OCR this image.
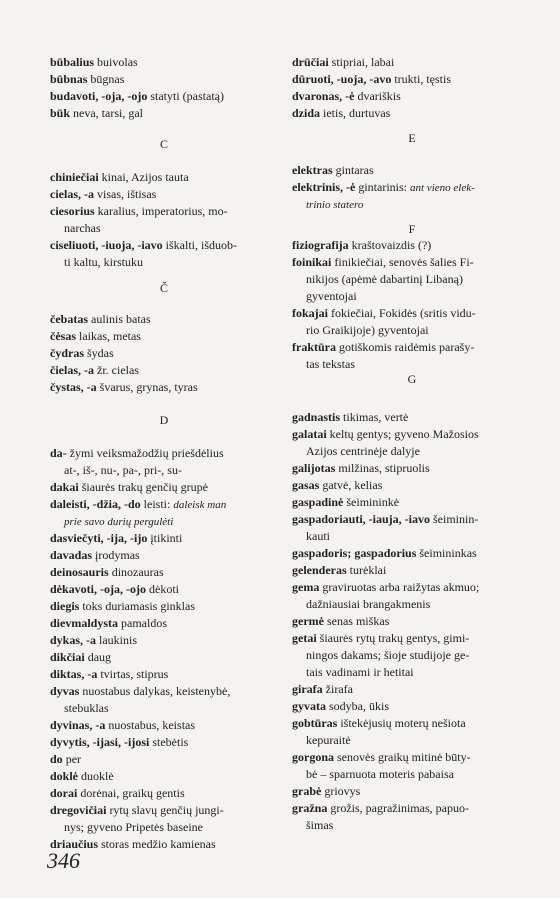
C
Č
D
būbalius buivolas
būbnas būgnas
budavoti, -oja, -ojo statyti (pastatą)
būk neva, tarsi, gal
chiniečiai kinai, Azijos tauta
cielas, -a visas, ištisas
ciesorius karalius, imperatorius, mo-
narchas
ciseliuoti, -iuoja, -iavo iškalti, išduob-
ti kaltu, kirstuku
čebatas aulinis batas
čėsas laikas, metas
čydras šydas
čielas, -a žr. cielas
čystas, -a švarus, grynas, tyras
da- žymi veiksmažodžių priešdėlius
at-, iš-, nu-, pa-, pri-, su-
dakai šiaurės trakų genčių grupė
daleisti, -džia, -do leisti: daleisk man
prie savo durių pergulėti
dasviečyti, -ija, -ijo įtikinti
davadas įrodymas
deinosauris dinozauras
dėkavoti, -oja, -ojo dėkoti
diegis toks duriamasis ginklas
dievmaldysta pamaldos
dykas, -a laukinis
dikčiai daug
diktas, -a tvirtas, stiprus
dyvas nuostabus dalykas, keistenybė,
stebuklas
dyvinas, -a nuostabus, keistas
dyvytis, -ijasi, -ijosi stebėtis
do per
doklė duoklė
dorai dorėnai, graikų gentis
dregovičiai rytų slavų genčių jungi-
nys; gyveno Pripetės baseine
driaučius storas medžio kamienas
E
F
G
drūčiai stipriai, labai
dūruoti, -uoja, -avo trukti, tęstis
dvaronas, -ė dvariškis
dzida ietis, durtuvas
elektras gintaras
elektrinis, -ė gintarinis: ant vieno elek-
trinio statero
fiziografija kraštovaizdis (?)
foinikai finikiečiai, senovės šalies Fi-
nikijos (apėmė dabartinį Libaną)
gyventojai
fokajai fokiečiai, Fokidės (sritis vidu-
rio Graikijoje) gyventojai
fraktūra gotiškomis raidėmis parašy-
tas tekstas
gadnastis tikimas, vertė
galatai keltų gentys; gyveno Mažosios
Azijos centrinėje dalyje
galijotas milžinas, stipruolis
gasas gatvė, kelias
gaspadinė šeimininkė
gaspadoriauti, -iauja, -iavo šeiminin-
kauti
gaspadoris; gaspadorius šeimininkas
gelenderas turėklai
gema graviruotas arba raižytas akmuo;
dažniausiai brangakmenis
germė senas miškas
getai šiaurės rytų trakų gentys, gimi-
ningos dakams; šioje studijoje ge-
tais vadinami ir hetitai
girafa žirafa
gyvata sodyba, ūkis
gobtūras ištekėjusių moterų nešiota
kepuraitė
gorgona senovės graikų mitinė būty-
bė – sparnuota moteris pabaisa
grabė griovys
gražna grožis, pagražinimas, papuo-
šimas
346
